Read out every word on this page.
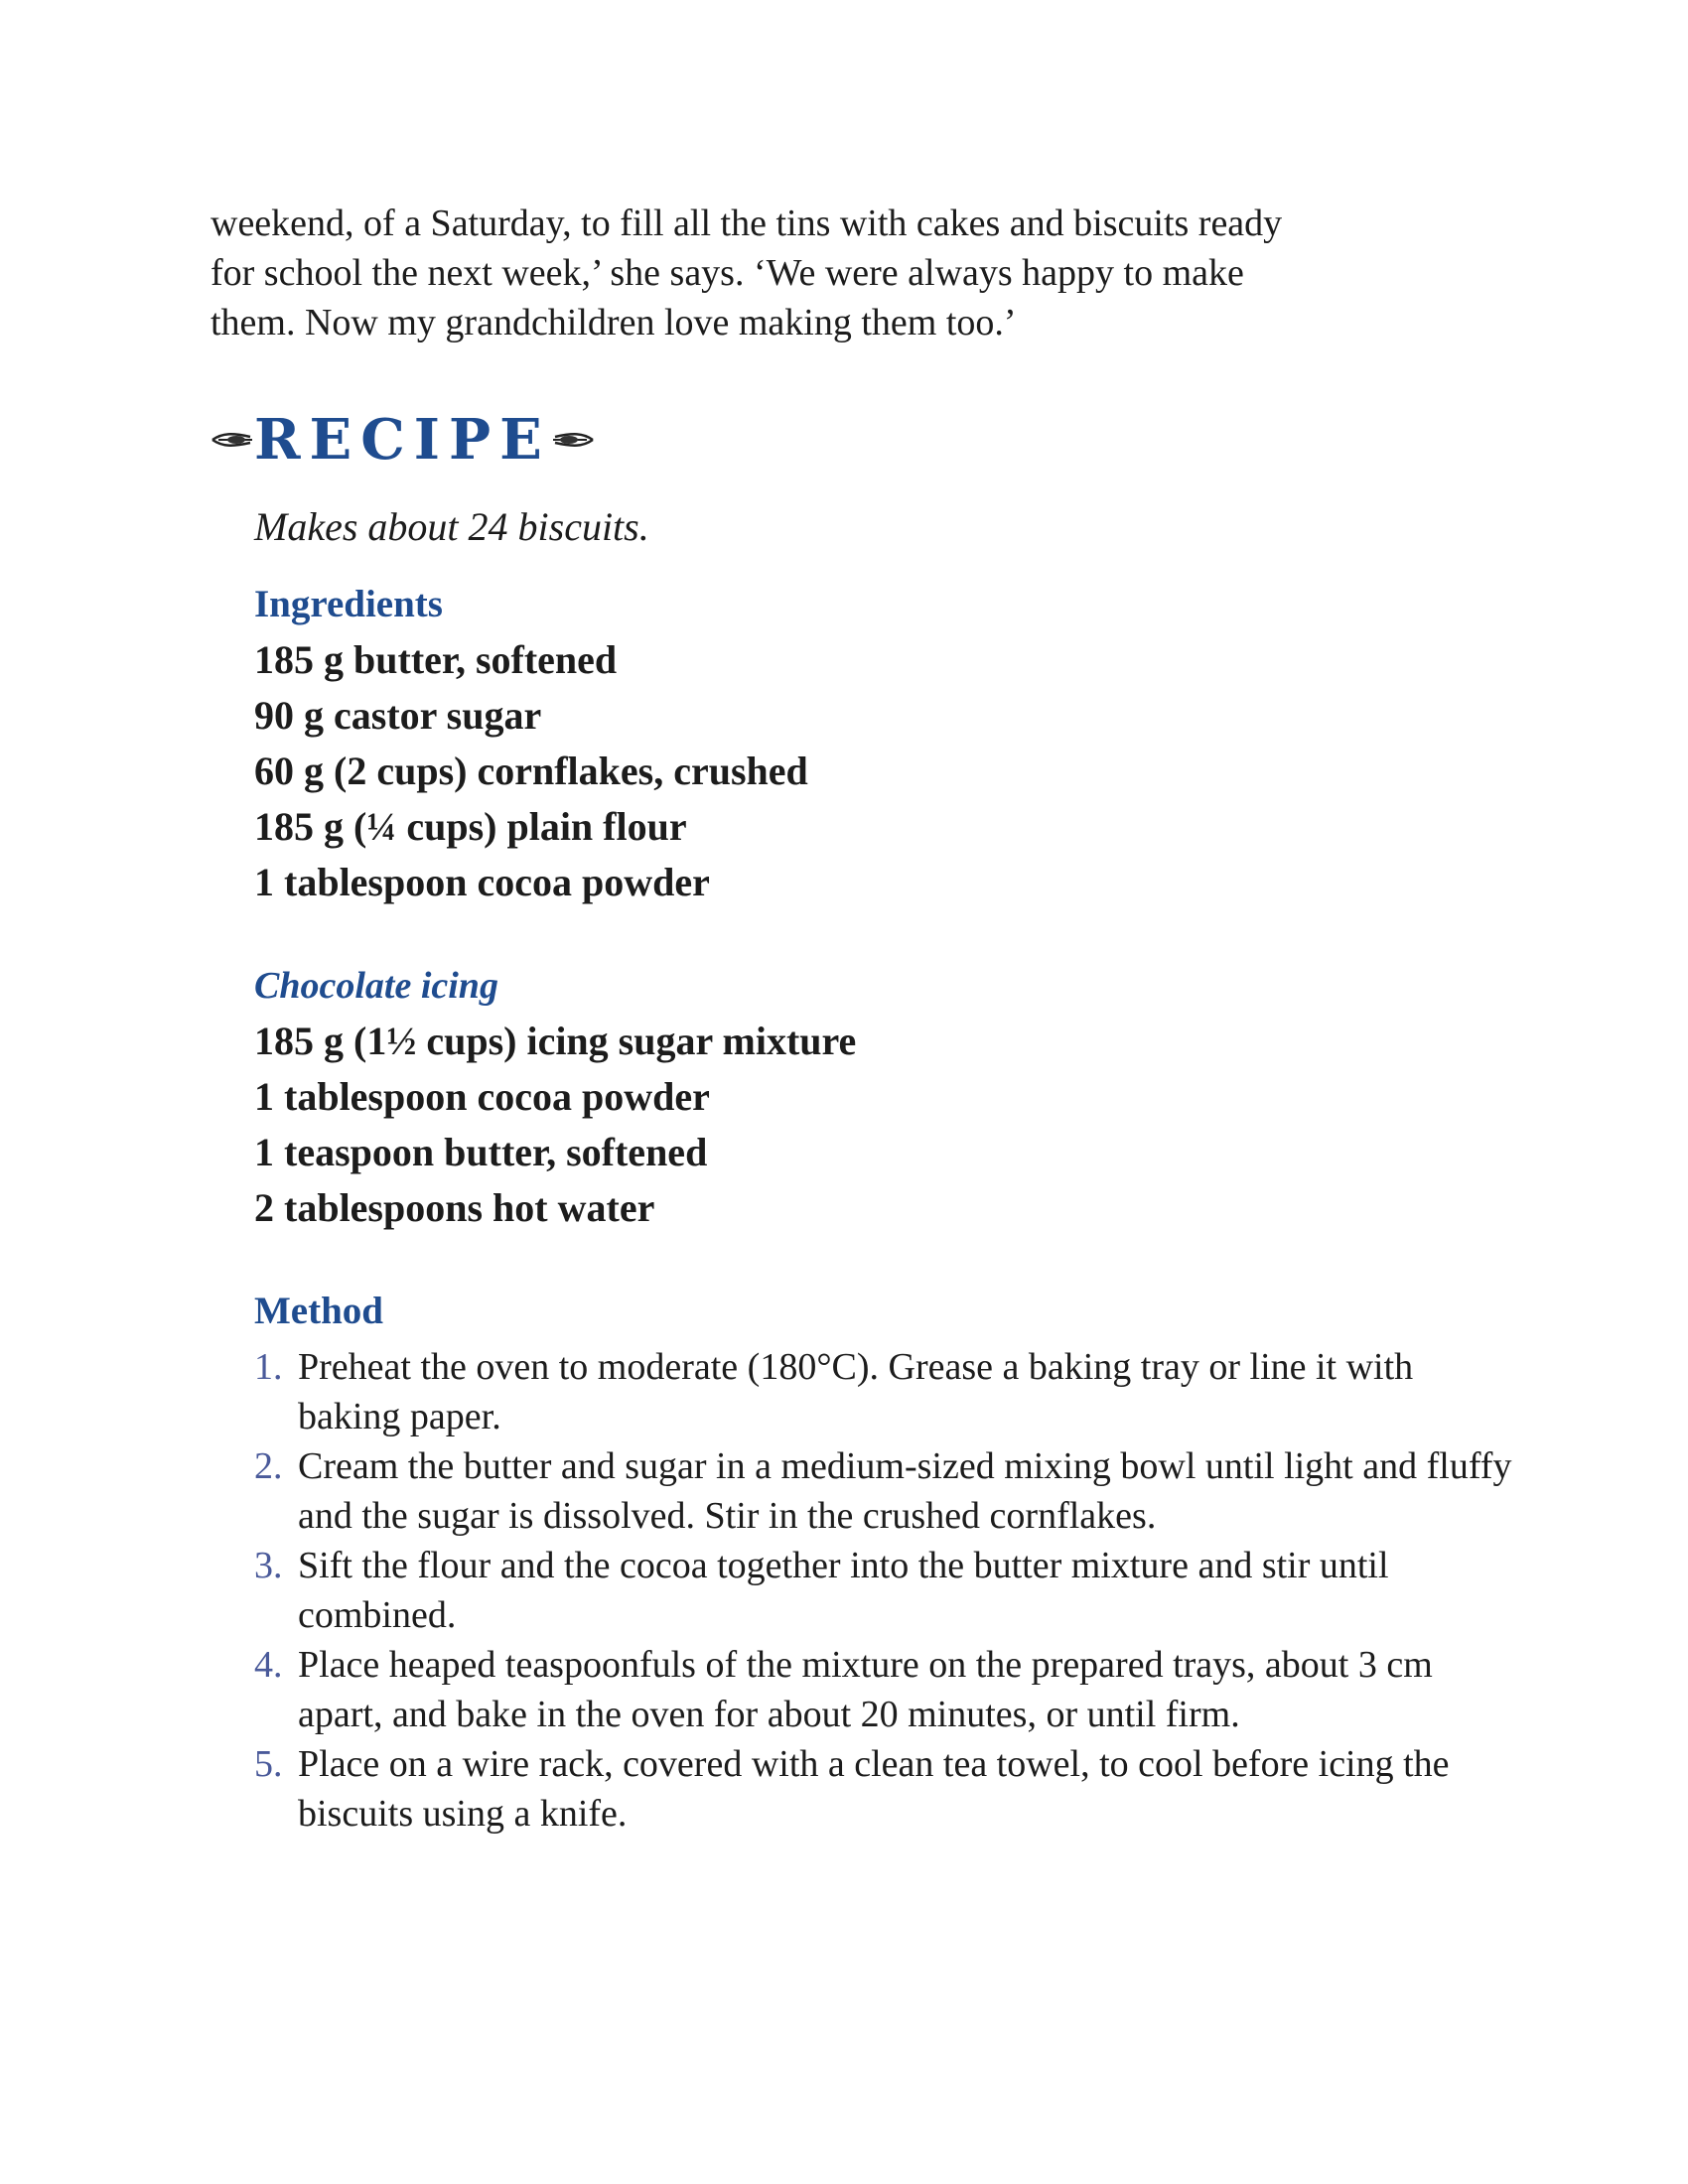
weekend, of a Saturday, to fill all the tins with cakes and biscuits ready

for school the next week,’ she says. ‘We were always happy to make

them. Now my grandchildren love making them too.’

RECIPE
Makes about 24 biscuits.
Ingredients
185 g butter, softened
90 g castor sugar
60 g (2 cups) cornflakes, crushed
185 g (¼ cups) plain flour
1 tablespoon cocoa powder
Chocolate icing
185 g (1½ cups) icing sugar mixture
1 tablespoon cocoa powder
1 teaspoon butter, softened
2 tablespoons hot water
Method
1. Preheat the oven to moderate (180°C). Grease a baking tray or line it with baking paper.
2. Cream the butter and sugar in a medium-sized mixing bowl until light and fluffy and the sugar is dissolved. Stir in the crushed cornflakes.
3. Sift the flour and the cocoa together into the butter mixture and stir until combined.
4. Place heaped teaspoonfuls of the mixture on the prepared trays, about 3 cm apart, and bake in the oven for about 20 minutes, or until firm.
5. Place on a wire rack, covered with a clean tea towel, to cool before icing the biscuits using a knife.
